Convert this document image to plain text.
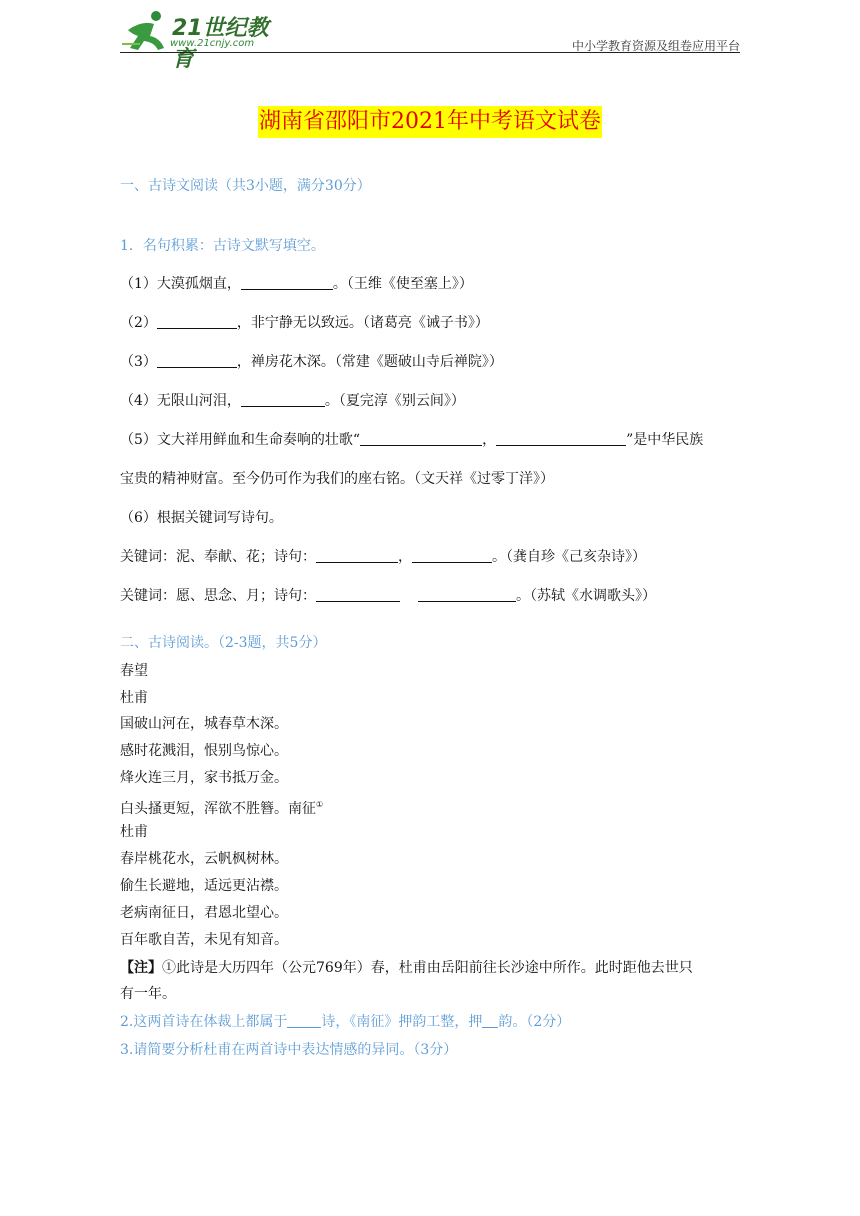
21世纪教育
www.21cnjy.com	中小学教育资源及组卷应用平台
湖南省邵阳市2021年中考语文试卷
一、古诗文阅读（共3小题，满分30分）
1．名句积累：古诗文默写填空。
（1）大漠孤烟直，	。（王维《使至塞上》）
（2）	，非宁静无以致远。（诸葛亮《诫子书》）
（3）	，禅房花木深。（常建《题破山寺后禅院》）
（4）无限山河泪，	。（夏完淳《别云间》）
（5）文大祥用鲜血和生命奏响的壮歌“	，	”是中华民族
宝贵的精神财富。至今仍可作为我们的座右铭。（文天祥《过零丁洋》）
（6）根据关键词写诗句。
关键词：泥、奉献、花；诗句：	，	。（龚自珍《己亥杂诗》）
关键词：愿、思念、月；诗句：	。（苏轼《水调歌头》）
二、古诗阅读。（2-3题，共5分）
春望
杜甫
国破山河在，城春草木深。
感时花溅泪，恨别鸟惊心。
烽火连三月，家书抵万金。
白头搔更短，浑欲不胜簪。南征①
杜甫
春岸桃花水，云帆枫树林。
偷生长避地，适远更沾襟。
老病南征日，君恩北望心。
百年歌自苦，未见有知音。
【注】①此诗是大历四年（公元769年）春，杜甫由岳阳前往长沙途中所作。此时距他去世只
有一年。
2.这两首诗在体裁上都属于 诗，《南征》押韵工整，押 韵。（2分）
3.请简要分析杜甫在两首诗中表达情感的异同。（3分）
